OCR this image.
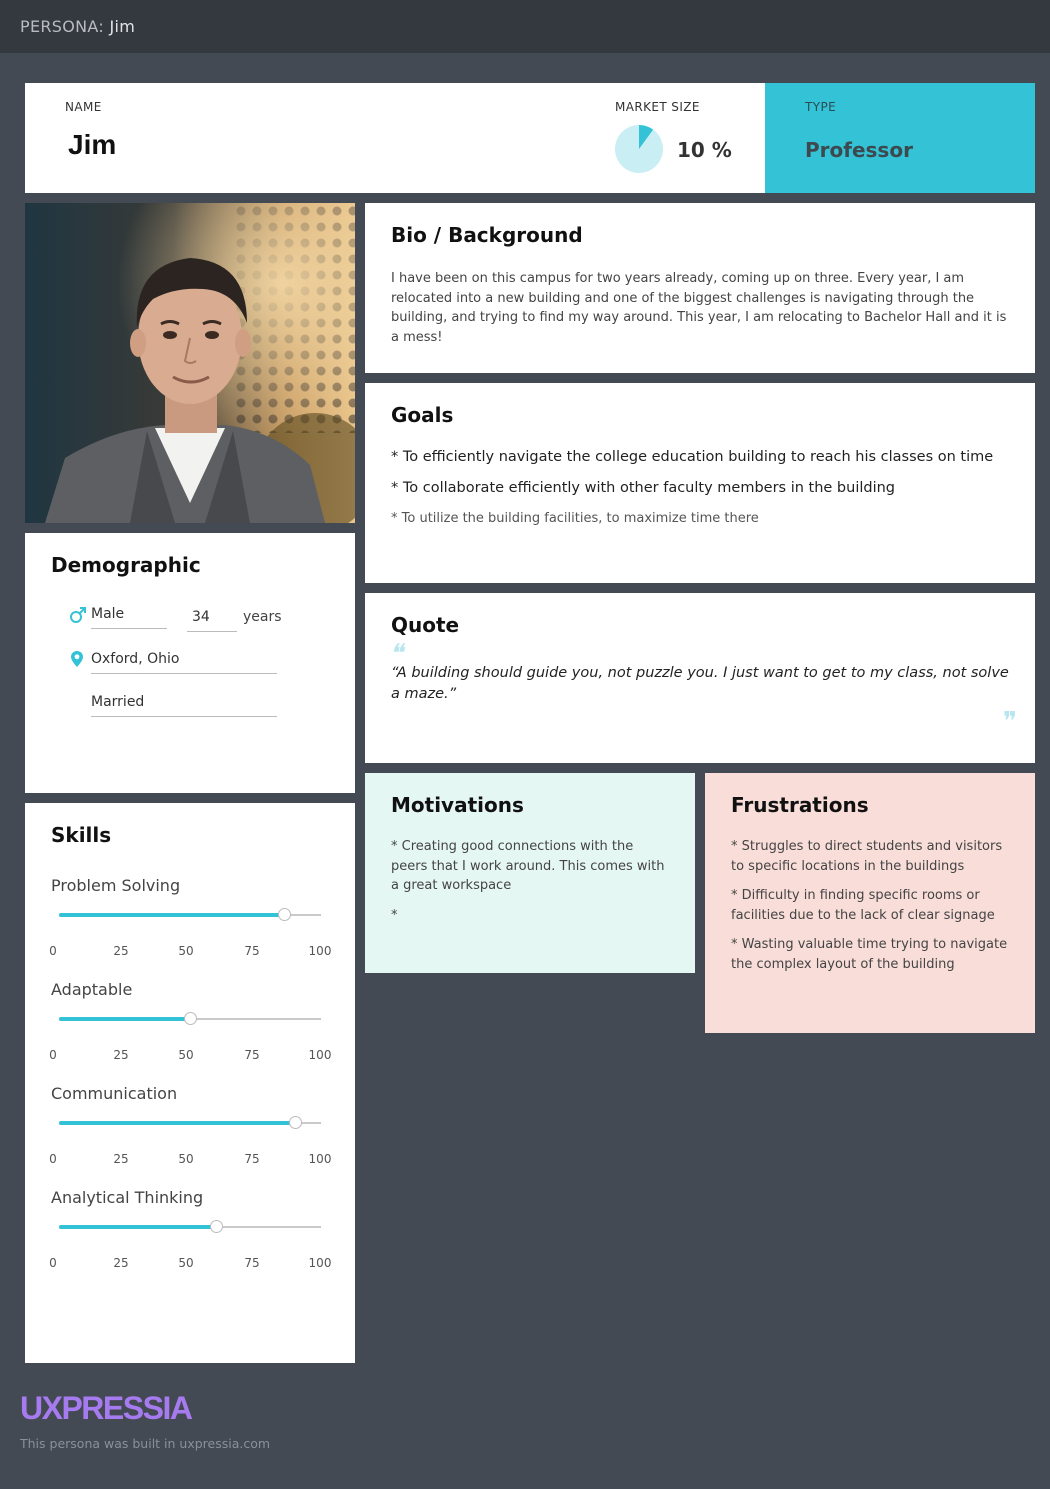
PERSONA: Jim
NAME
Jim
MARKET SIZE
10 %
TYPE
Professor
Bio / Background
I have been on this campus for two years already, coming up on three. Every year, I am relocated into a new building and one of the biggest challenges is navigating through the building, and trying to find my way around. This year, I am relocating to Bachelor Hall and it is a mess!
Goals
* To efficiently navigate the college education building to reach his classes on time
* To collaborate efficiently with other faculty members in the building
* To utilize the building facilities, to maximize time there
Quote
❝
“A building should guide you, not puzzle you. I just want to get to my class, not solve a maze.”
❞
Motivations
* Creating good connections with the peers that I work around. This comes with a great workspace
*
Frustrations
* Struggles to direct students and visitors to specific locations in the buildings
* Difficulty in finding specific rooms or facilities due to the lack of clear signage
* Wasting valuable time trying to navigate the complex layout of the building
Demographic
Male	34	years
Oxford, Ohio
Married
Skills
Problem Solving
0	25	50	75	100
Adaptable
0	25	50	75	100
Communication
0	25	50	75	100
Analytical Thinking
0	25	50	75	100
UXPRESSIA
This persona was built in uxpressia.com
